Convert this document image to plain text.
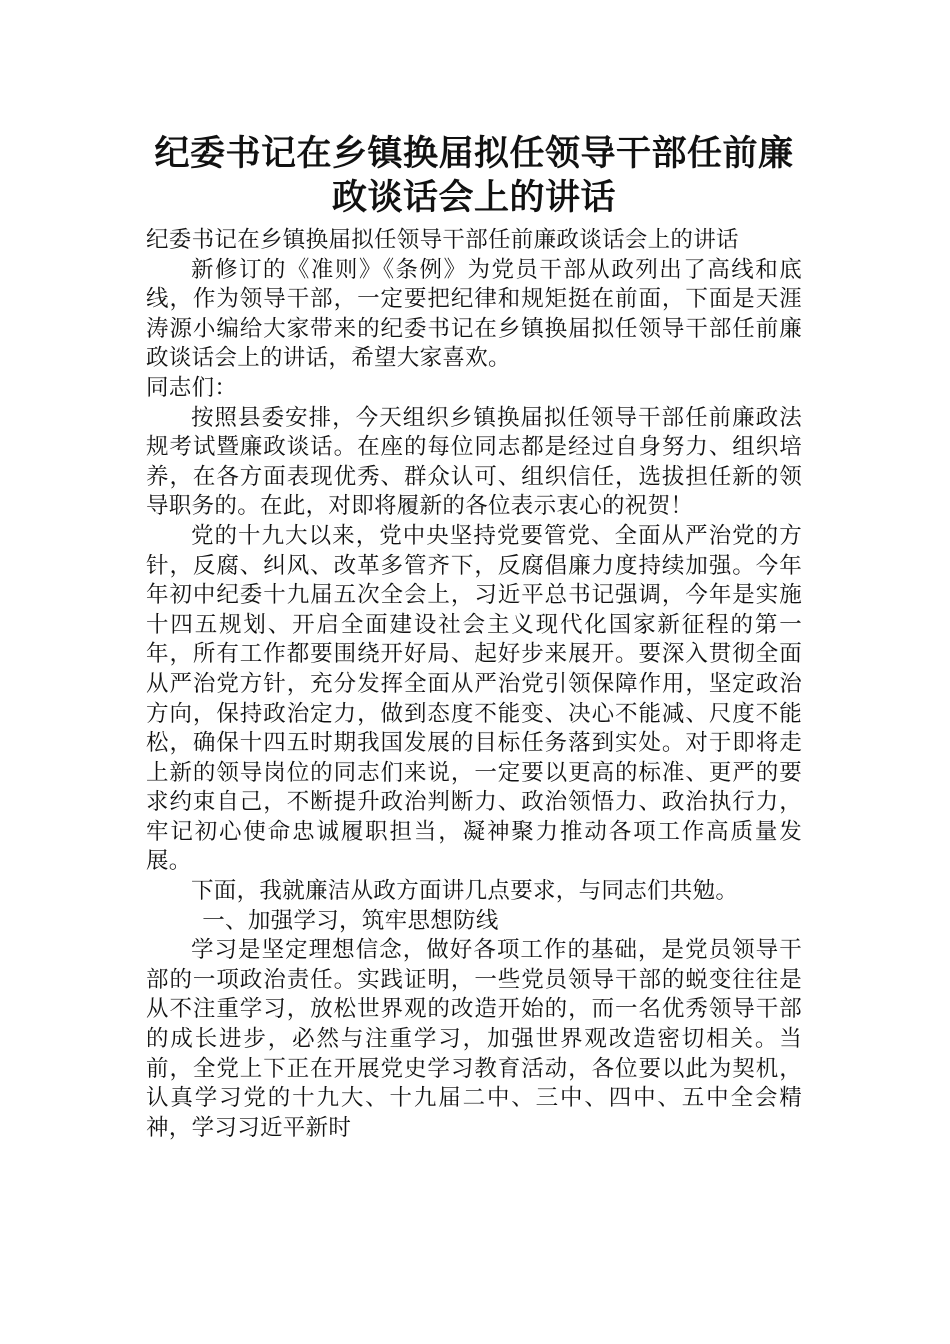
纪委书记在乡镇换届拟任领导干部任前廉
政谈话会上的讲话

纪委书记在乡镇换届拟任领导干部任前廉政谈话会上的讲话

新修订的《准则》《条例》为党员干部从政列出了高线和底线，作为领导干部，一定要把纪律和规矩挺在前面，下面是天涯涛源小编给大家带来的纪委书记在乡镇换届拟任领导干部任前廉政谈话会上的讲话，希望大家喜欢。

同志们：

按照县委安排，今天组织乡镇换届拟任领导干部任前廉政法规考试暨廉政谈话。在座的每位同志都是经过自身努力、组织培养，在各方面表现优秀、群众认可、组织信任，选拔担任新的领导职务的。在此，对即将履新的各位表示衷心的祝贺！

党的十九大以来，党中央坚持党要管党、全面从严治党的方针，反腐、纠风、改革多管齐下，反腐倡廉力度持续加强。今年年初中纪委十九届五次全会上，习近平总书记强调，今年是实施十四五规划、开启全面建设社会主义现代化国家新征程的第一年，所有工作都要围绕开好局、起好步来展开。要深入贯彻全面从严治党方针，充分发挥全面从严治党引领保障作用，坚定政治方向，保持政治定力，做到态度不能变、决心不能减、尺度不能松，确保十四五时期我国发展的目标任务落到实处。对于即将走上新的领导岗位的同志们来说，一定要以更高的标准、更严的要求约束自己，不断提升政治判断力、政治领悟力、政治执行力，牢记初心使命忠诚履职担当，凝神聚力推动各项工作高质量发展。

下面，我就廉洁从政方面讲几点要求，与同志们共勉。

一、加强学习，筑牢思想防线

学习是坚定理想信念，做好各项工作的基础，是党员领导干部的一项政治责任。实践证明，一些党员领导干部的蜕变往往是从不注重学习，放松世界观的改造开始的，而一名优秀领导干部的成长进步，必然与注重学习，加强世界观改造密切相关。当前，全党上下正在开展党史学习教育活动，各位要以此为契机，认真学习党的十九大、十九届二中、三中、四中、五中全会精神，学习习近平新时
